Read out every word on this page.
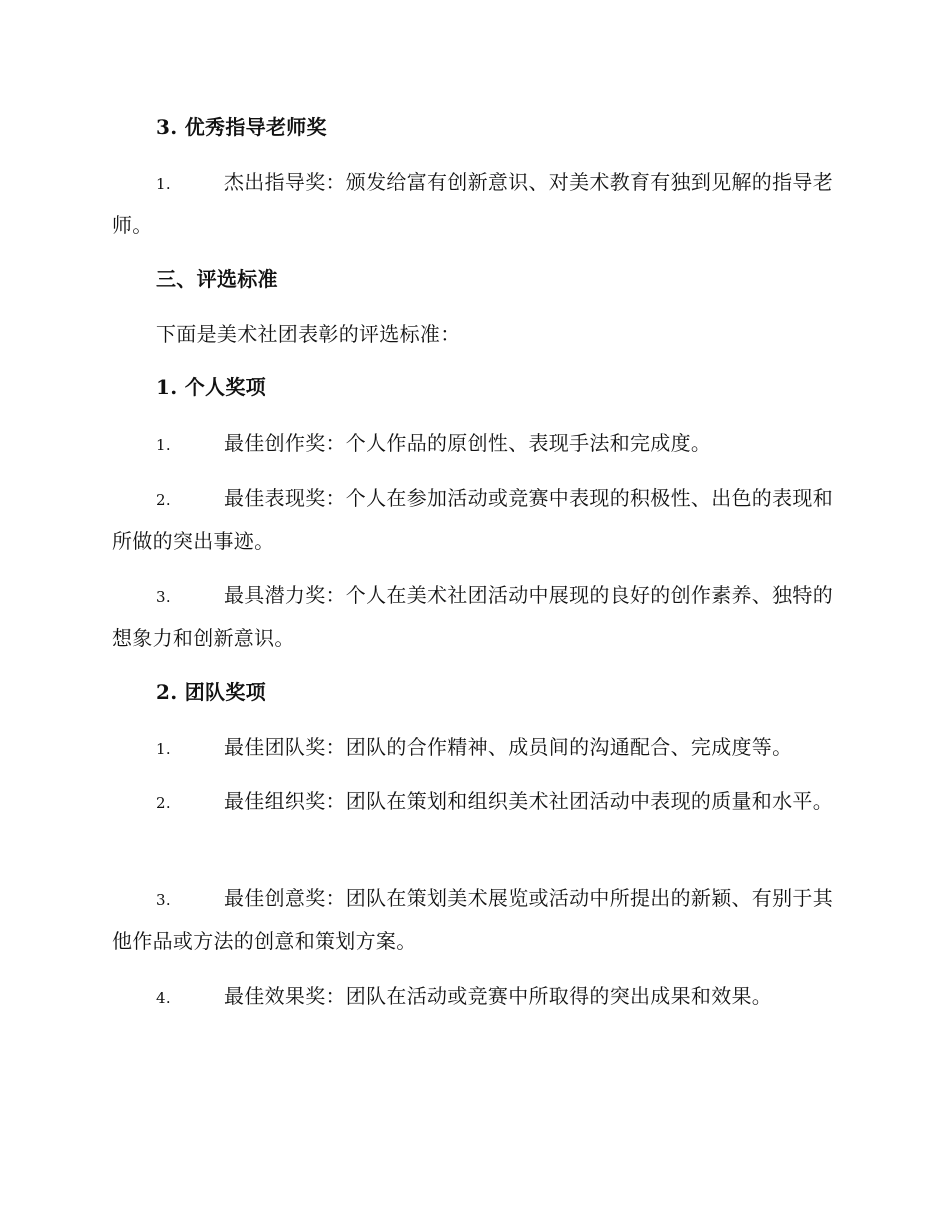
3. 优秀指导老师奖
1.	杰出指导奖：颁发给富有创新意识、对美术教育有独到见解的指导老师。
三、评选标准
下面是美术社团表彰的评选标准：
1. 个人奖项
1.	最佳创作奖：个人作品的原创性、表现手法和完成度。
2.	最佳表现奖：个人在参加活动或竞赛中表现的积极性、出色的表现和所做的突出事迹。
3.	最具潜力奖：个人在美术社团活动中展现的良好的创作素养、独特的想象力和创新意识。
2. 团队奖项
1.	最佳团队奖：团队的合作精神、成员间的沟通配合、完成度等。
2.	最佳组织奖：团队在策划和组织美术社团活动中表现的质量和水平。
3.	最佳创意奖：团队在策划美术展览或活动中所提出的新颖、有别于其他作品或方法的创意和策划方案。
4.	最佳效果奖：团队在活动或竞赛中所取得的突出成果和效果。
